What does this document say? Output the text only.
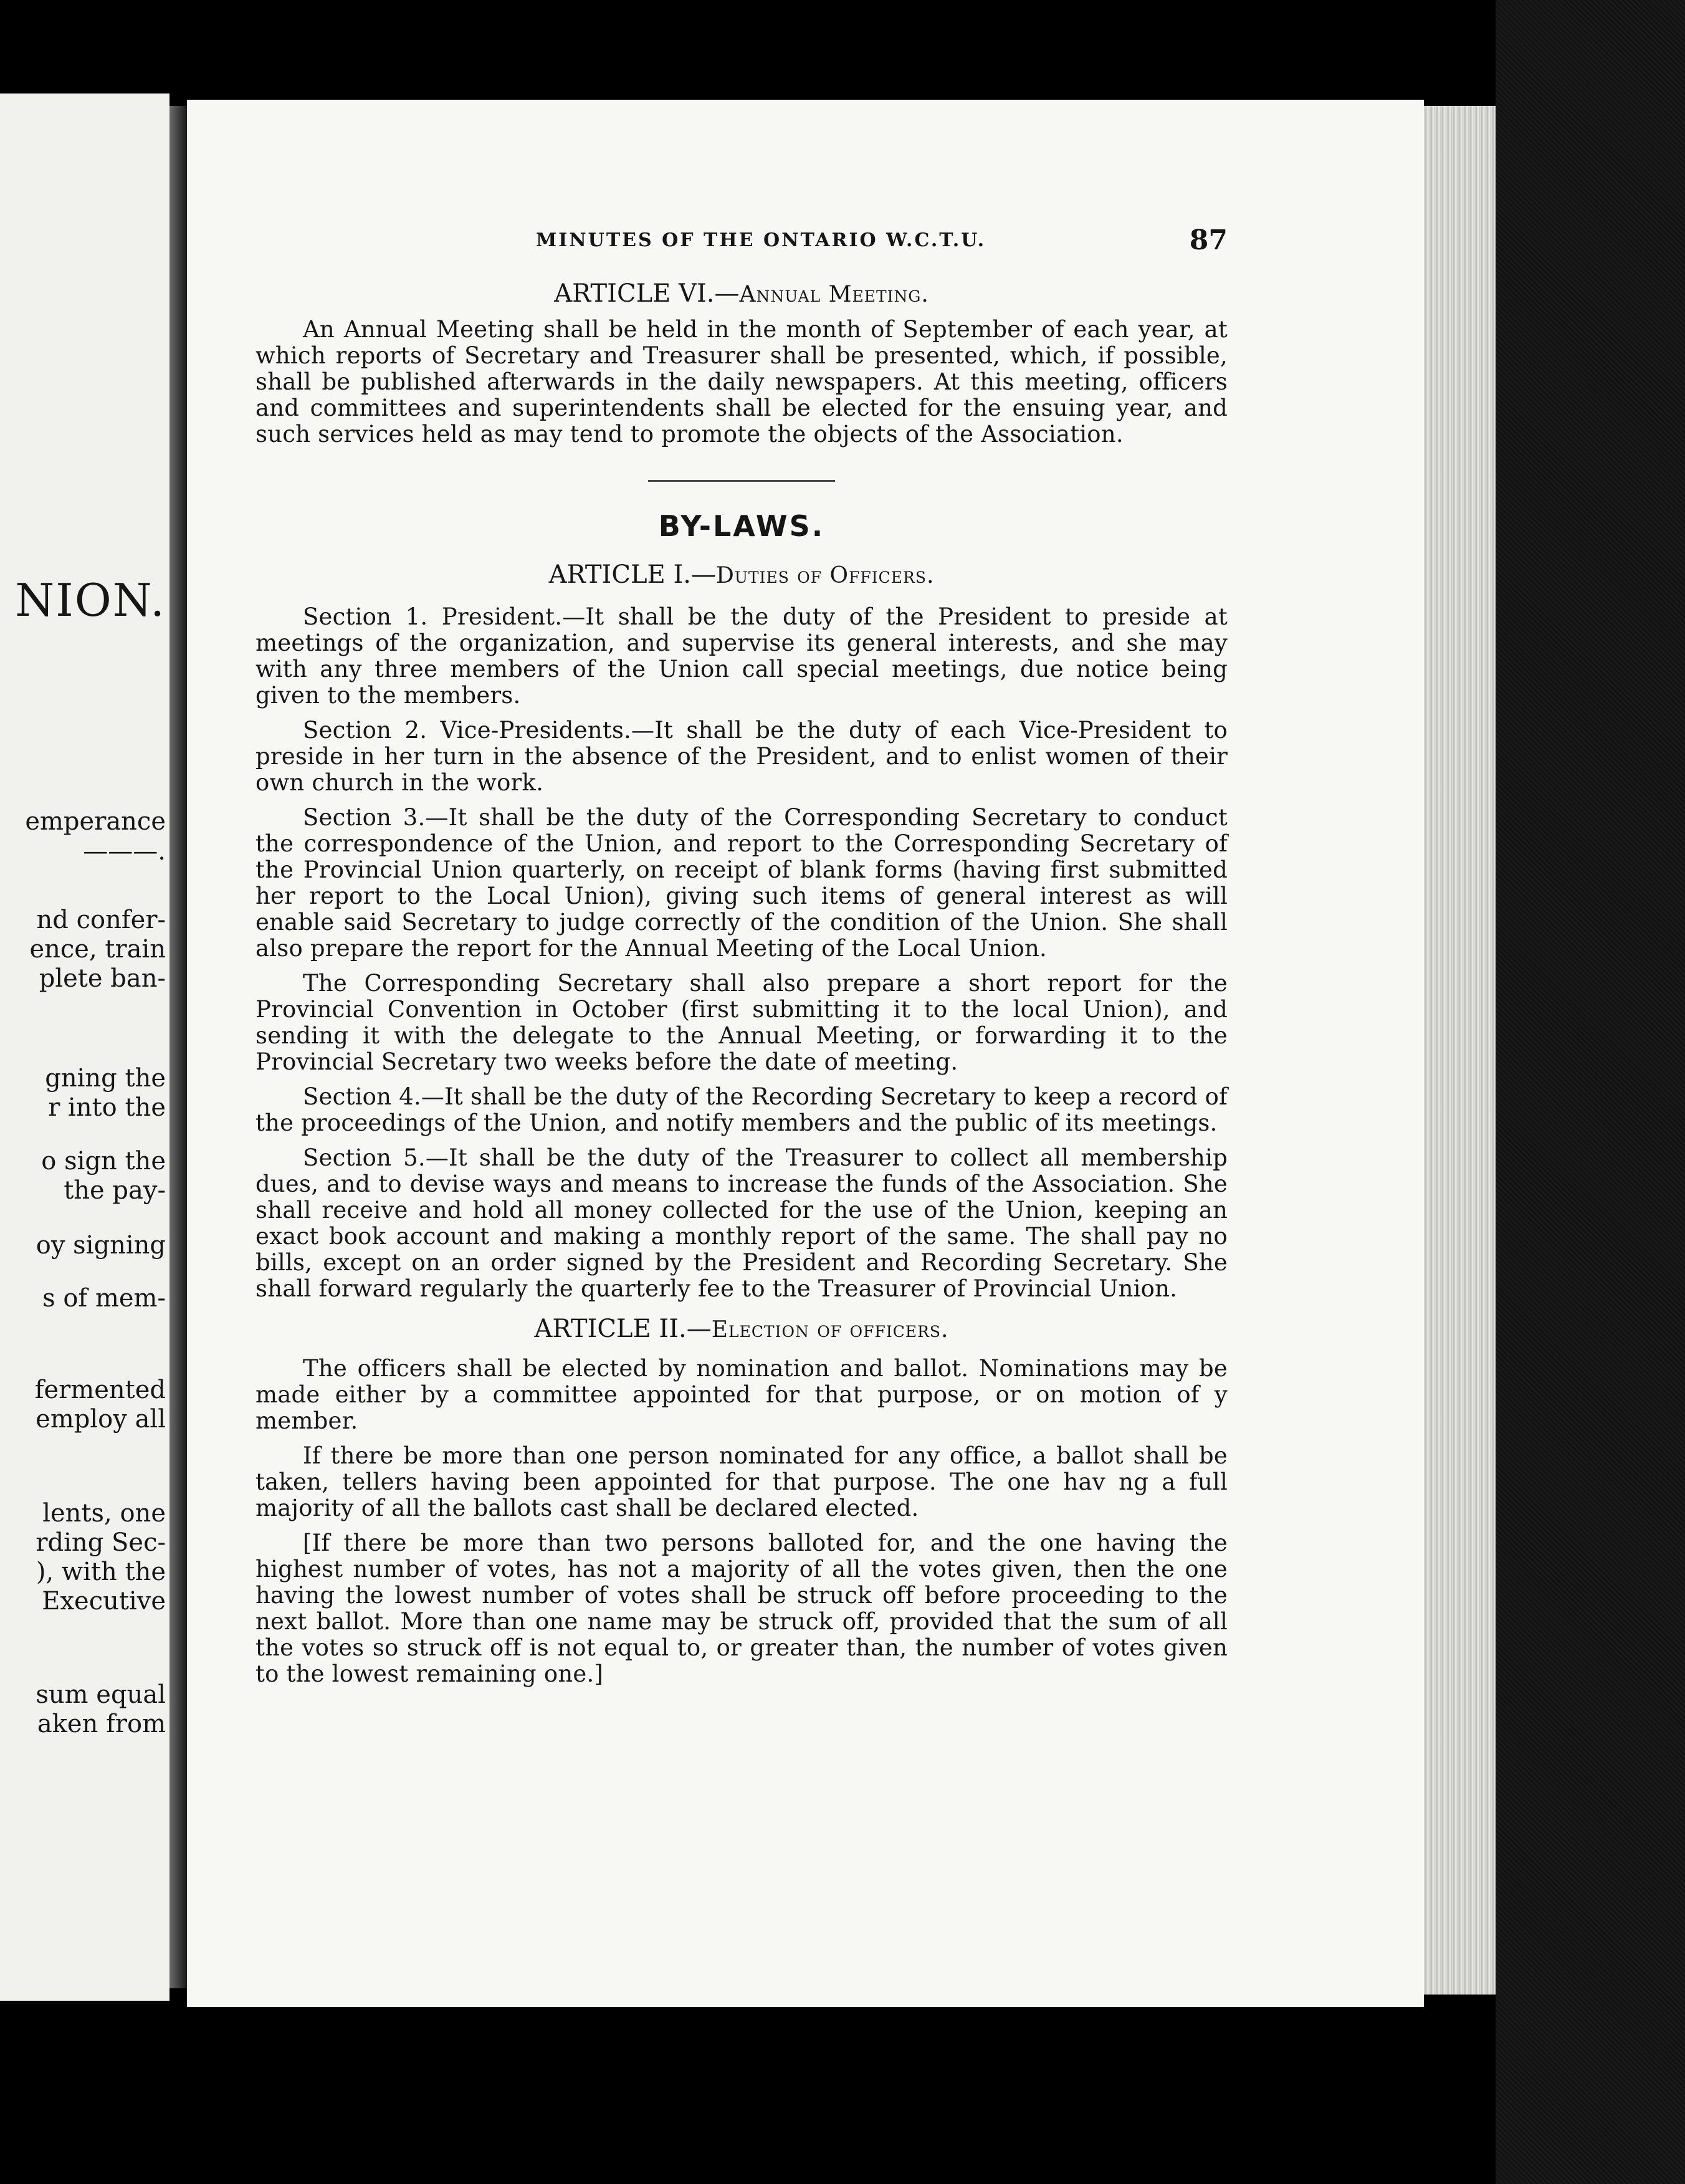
NION.
emperance
———.
nd confer-
ence, train
plete ban-
gning the
r into the
o sign the
the pay-
oy signing
s of mem-
fermented
employ all
lents, one
rding Sec-
), with the
Executive
sum equal
aken from
MINUTES OF THE ONTARIO W.C.T.U.	87

ARTICLE VI.—Annual Meeting.

An Annual Meeting shall be held in the month of September of each year, at which reports of Secretary and Treasurer shall be presented, which, if possible, shall be published afterwards in the daily newspapers. At this meeting, officers and committees and superintendents shall be elected for the ensuing year, and such services held as may tend to promote the objects of the Association.

BY-LAWS.

ARTICLE I.—Duties of Officers.

Section 1. President.—It shall be the duty of the President to preside at meetings of the organization, and supervise its general interests, and she may with any three members of the Union call special meetings, due notice being given to the members.

Section 2. Vice-Presidents.—It shall be the duty of each Vice-President to preside in her turn in the absence of the President, and to enlist women of their own church in the work.

Section 3.—It shall be the duty of the Corresponding Secretary to conduct the correspondence of the Union, and report to the Corresponding Secretary of the Provincial Union quarterly, on receipt of blank forms (having first submitted her report to the Local Union), giving such items of general interest as will enable said Secretary to judge correctly of the condition of the Union. She shall also prepare the report for the Annual Meeting of the Local Union.

The Corresponding Secretary shall also prepare a short report for the Provincial Convention in October (first submitting it to the local Union), and sending it with the delegate to the Annual Meeting, or forwarding it to the Provincial Secretary two weeks before the date of meeting.

Section 4.—It shall be the duty of the Recording Secretary to keep a record of the proceedings of the Union, and notify members and the public of its meetings.

Section 5.—It shall be the duty of the Treasurer to collect all membership dues, and to devise ways and means to increase the funds of the Association. She shall receive and hold all money collected for the use of the Union, keeping an exact book account and making a monthly report of the same. The shall pay no bills, except on an order signed by the President and Recording Secretary. She shall forward regularly the quarterly fee to the Treasurer of Provincial Union.

ARTICLE II.—Election of officers.

The officers shall be elected by nomination and ballot. Nominations may be made either by a committee appointed for that purpose, or on motion of y member.

If there be more than one person nominated for any office, a ballot shall be taken, tellers having been appointed for that purpose. The one hav ng a full majority of all the ballots cast shall be declared elected.

[If there be more than two persons balloted for, and the one having the highest number of votes, has not a majority of all the votes given, then the one having the lowest number of votes shall be struck off before proceeding to the next ballot. More than one name may be struck off, provided that the sum of all the votes so struck off is not equal to, or greater than, the number of votes given to the lowest remaining one.]
